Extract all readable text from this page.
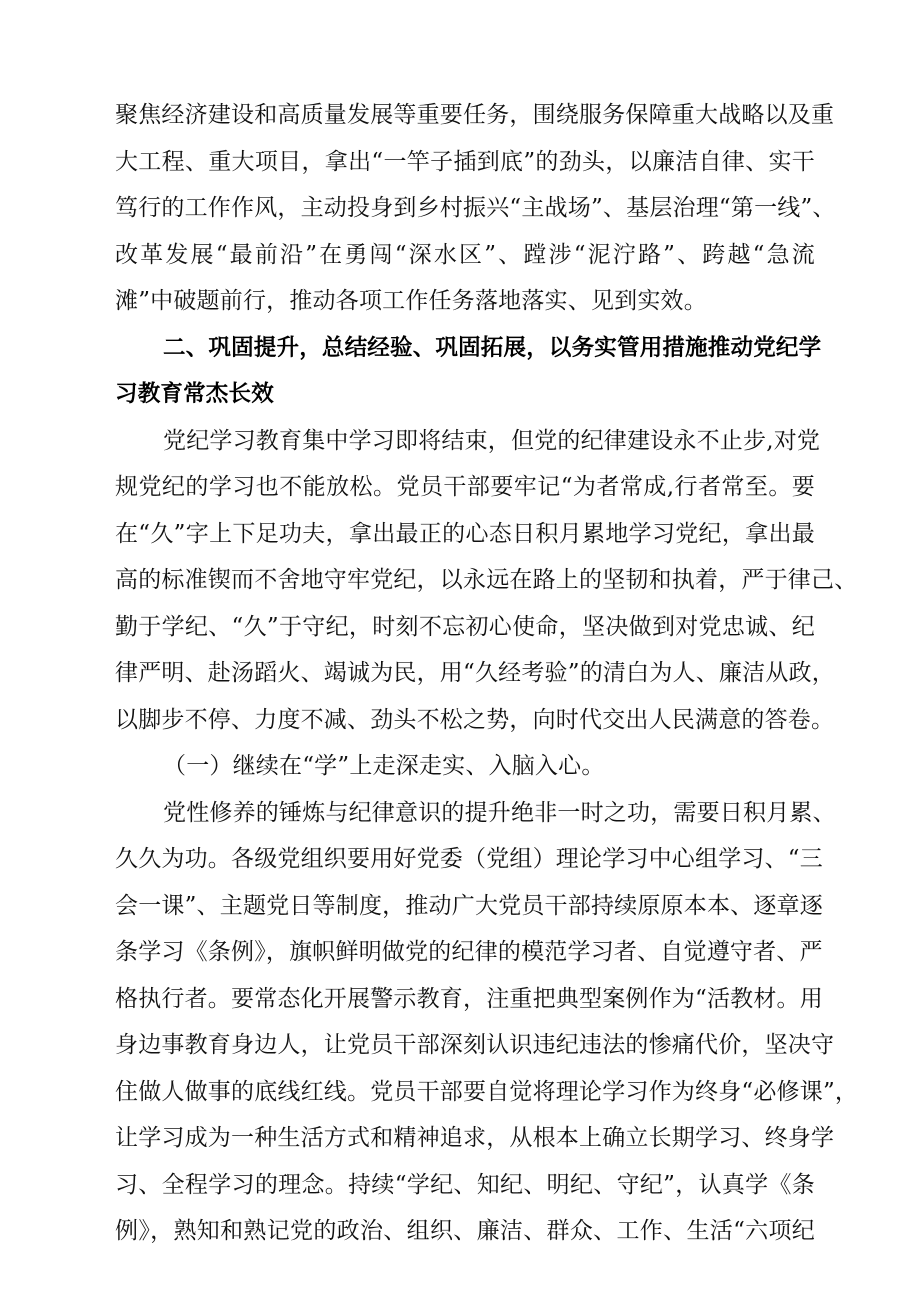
聚焦经济建设和高质量发展等重要任务，围绕服务保障重大战略以及重
大工程、重大项目，拿出“一竿子插到底”的劲头，以廉洁自律、实干
笃行的工作作风，主动投身到乡村振兴“主战场”、基层治理“第一线”、
改革发展“最前沿”在勇闯“深水区”、蹚涉“泥泞路”、跨越“急流
滩”中破题前行，推动各项工作任务落地落实、见到实效。
二、巩固提升，总结经验、巩固拓展，以务实管用措施推动党纪学
习教育常杰长效
党纪学习教育集中学习即将结束，但党的纪律建设永不止步,对党
规党纪的学习也不能放松。党员干部要牢记“为者常成,行者常至。要
在“久”字上下足功夫，拿出最正的心态日积月累地学习党纪，拿出最
高的标准锲而不舍地守牢党纪，以永远在路上的坚韧和执着，严于律己、
勤于学纪、“久”于守纪，时刻不忘初心使命，坚决做到对党忠诚、纪
律严明、赴汤蹈火、竭诚为民，用“久经考验”的清白为人、廉洁从政，
以脚步不停、力度不减、劲头不松之势，向时代交出人民满意的答卷。
（一）继续在“学”上走深走实、入脑入心。
党性修养的锤炼与纪律意识的提升绝非一时之功，需要日积月累、
久久为功。各级党组织要用好党委（党组）理论学习中心组学习、“三
会一课”、主题党日等制度，推动广大党员干部持续原原本本、逐章逐
条学习《条例》，旗帜鲜明做党的纪律的模范学习者、自觉遵守者、严
格执行者。要常态化开展警示教育，注重把典型案例作为“活教材。用
身边事教育身边人，让党员干部深刻认识违纪违法的惨痛代价，坚决守
住做人做事的底线红线。党员干部要自觉将理论学习作为终身“必修课”，
让学习成为一种生活方式和精神追求，从根本上确立长期学习、终身学
习、全程学习的理念。持续“学纪、知纪、明纪、守纪”，认真学《条
例》，熟知和熟记党的政治、组织、廉洁、群众、工作、生活“六项纪
